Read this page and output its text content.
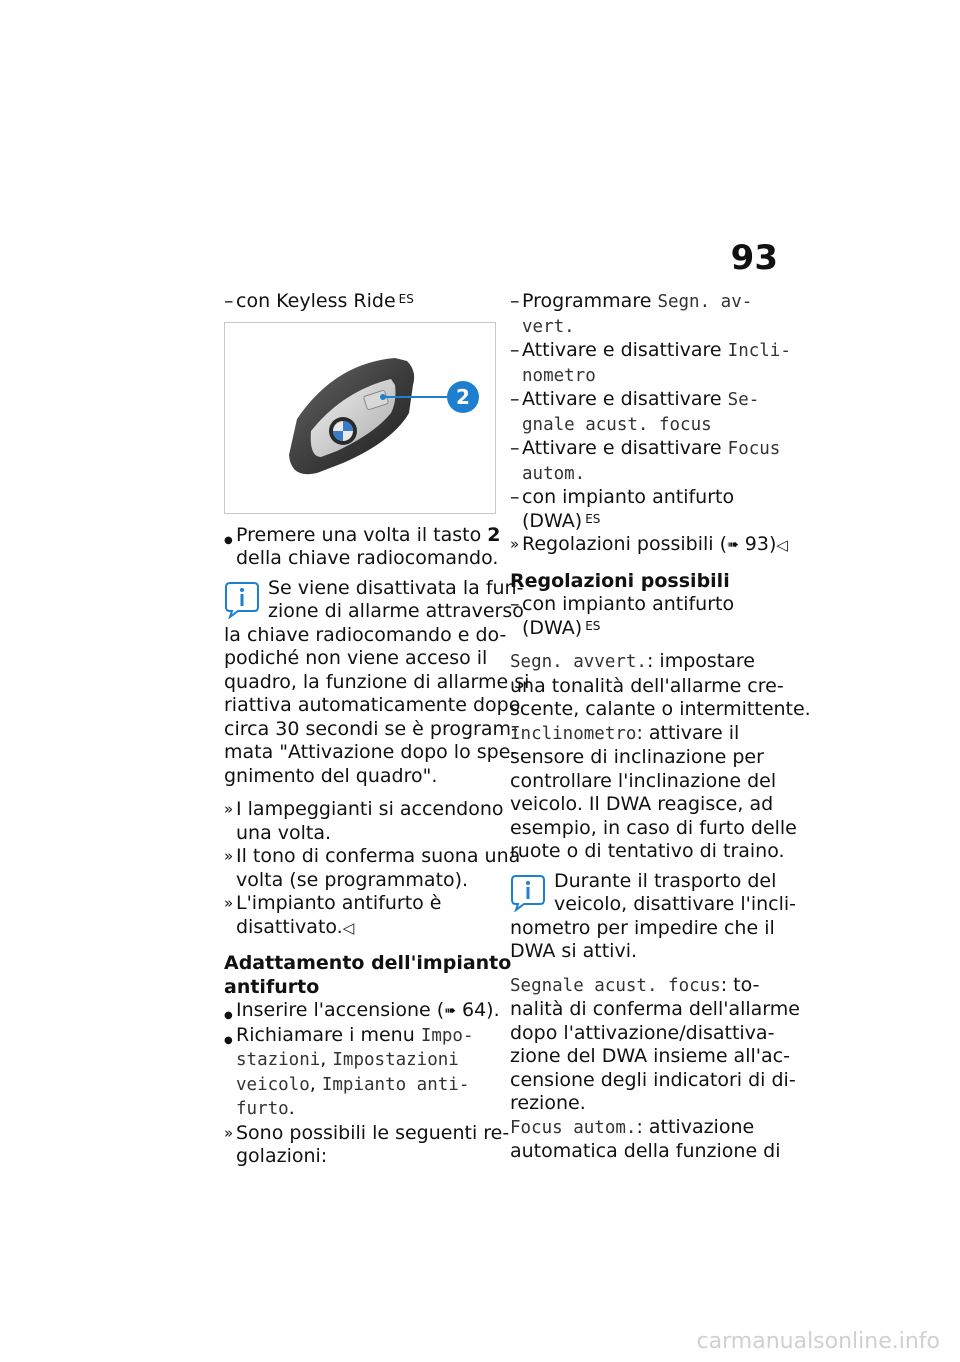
93
– con Keyless Ride $^{ES}$
2
● Premere una volta il tasto 2
della chiave radiocomando.
Se viene disattivata la fun-
zione di allarme attraverso
la chiave radiocomando e do-
podiché non viene acceso il
quadro, la funzione di allarme si
riattiva automaticamente dopo
circa 30 secondi se è program-
mata "Attivazione dopo lo spe-
gnimento del quadro".
» I lampeggianti si accendono
una volta.
» Il tono di conferma suona una
volta (se programmato).
» L'impianto antifurto è
disattivato.◁
Adattamento dell'impianto
antifurto
● Inserire l'accensione (➠ 64).
● Richiamare i menu Impo-
stazioni, Impostazioni
veicolo, Impianto anti-
furto.
» Sono possibili le seguenti re-
golazioni:
– Programmare Segn. av-
vert.
– Attivare e disattivare Incli-
nometro
– Attivare e disattivare Se-
gnale acust. focus
– Attivare e disattivare Focus
autom.
– con impianto antifurto
(DWA) $^{ES}$
» Regolazioni possibili (➠ 93)◁
Regolazioni possibili
– con impianto antifurto
(DWA) $^{ES}$
Segn. avvert.: impostare
una tonalità dell'allarme cre-
scente, calante o intermittente.
Inclinometro: attivare il
sensore di inclinazione per
controllare l'inclinazione del
veicolo. Il DWA reagisce, ad
esempio, in caso di furto delle
ruote o di tentativo di traino.
Durante il trasporto del
veicolo, disattivare l'incli-
nometro per impedire che il
DWA si attivi.
Segnale acust. focus: to-
nalità di conferma dell'allarme
dopo l'attivazione/disattiva-
zione del DWA insieme all'ac-
censione degli indicatori di di-
rezione.
Focus autom.: attivazione
automatica della funzione di
carmanualsonline.info
